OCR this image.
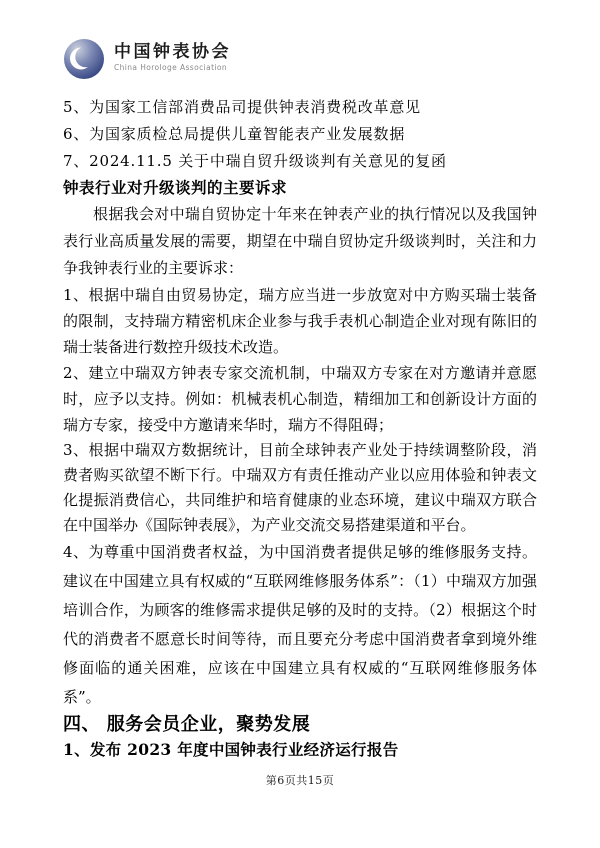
中国钟表协会
China Horologe Association

5、为国家工信部消费品司提供钟表消费税改革意见

6、为国家质检总局提供儿童智能表产业发展数据

7、2024.11.5 关于中瑞自贸升级谈判有关意见的复函

钟表行业对升级谈判的主要诉求

根据我会对中瑞自贸协定十年来在钟表产业的执行情况以及我国钟表行业高质量发展的需要，期望在中瑞自贸协定升级谈判时，关注和力争我钟表行业的主要诉求：

1、根据中瑞自由贸易协定，瑞方应当进一步放宽对中方购买瑞士装备的限制，支持瑞方精密机床企业参与我手表机心制造企业对现有陈旧的瑞士装备进行数控升级技术改造。

2、建立中瑞双方钟表专家交流机制，中瑞双方专家在对方邀请并意愿时，应予以支持。例如：机械表机心制造，精细加工和创新设计方面的瑞方专家，接受中方邀请来华时，瑞方不得阻碍；

3、根据中瑞双方数据统计，目前全球钟表产业处于持续调整阶段，消费者购买欲望不断下行。中瑞双方有责任推动产业以应用体验和钟表文化提振消费信心，共同维护和培育健康的业态环境，建议中瑞双方联合在中国举办《国际钟表展》，为产业交流交易搭建渠道和平台。

4、为尊重中国消费者权益，为中国消费者提供足够的维修服务支持。建议在中国建立具有权威的“互联网维修服务体系”：（1）中瑞双方加强培训合作，为顾客的维修需求提供足够的及时的支持。（2）根据这个时代的消费者不愿意长时间等待，而且要充分考虑中国消费者拿到境外维修面临的通关困难，应该在中国建立具有权威的“互联网维修服务体系”。

四、 服务会员企业，聚势发展
1、发布 2023 年度中国钟表行业经济运行报告
第6页共15页
